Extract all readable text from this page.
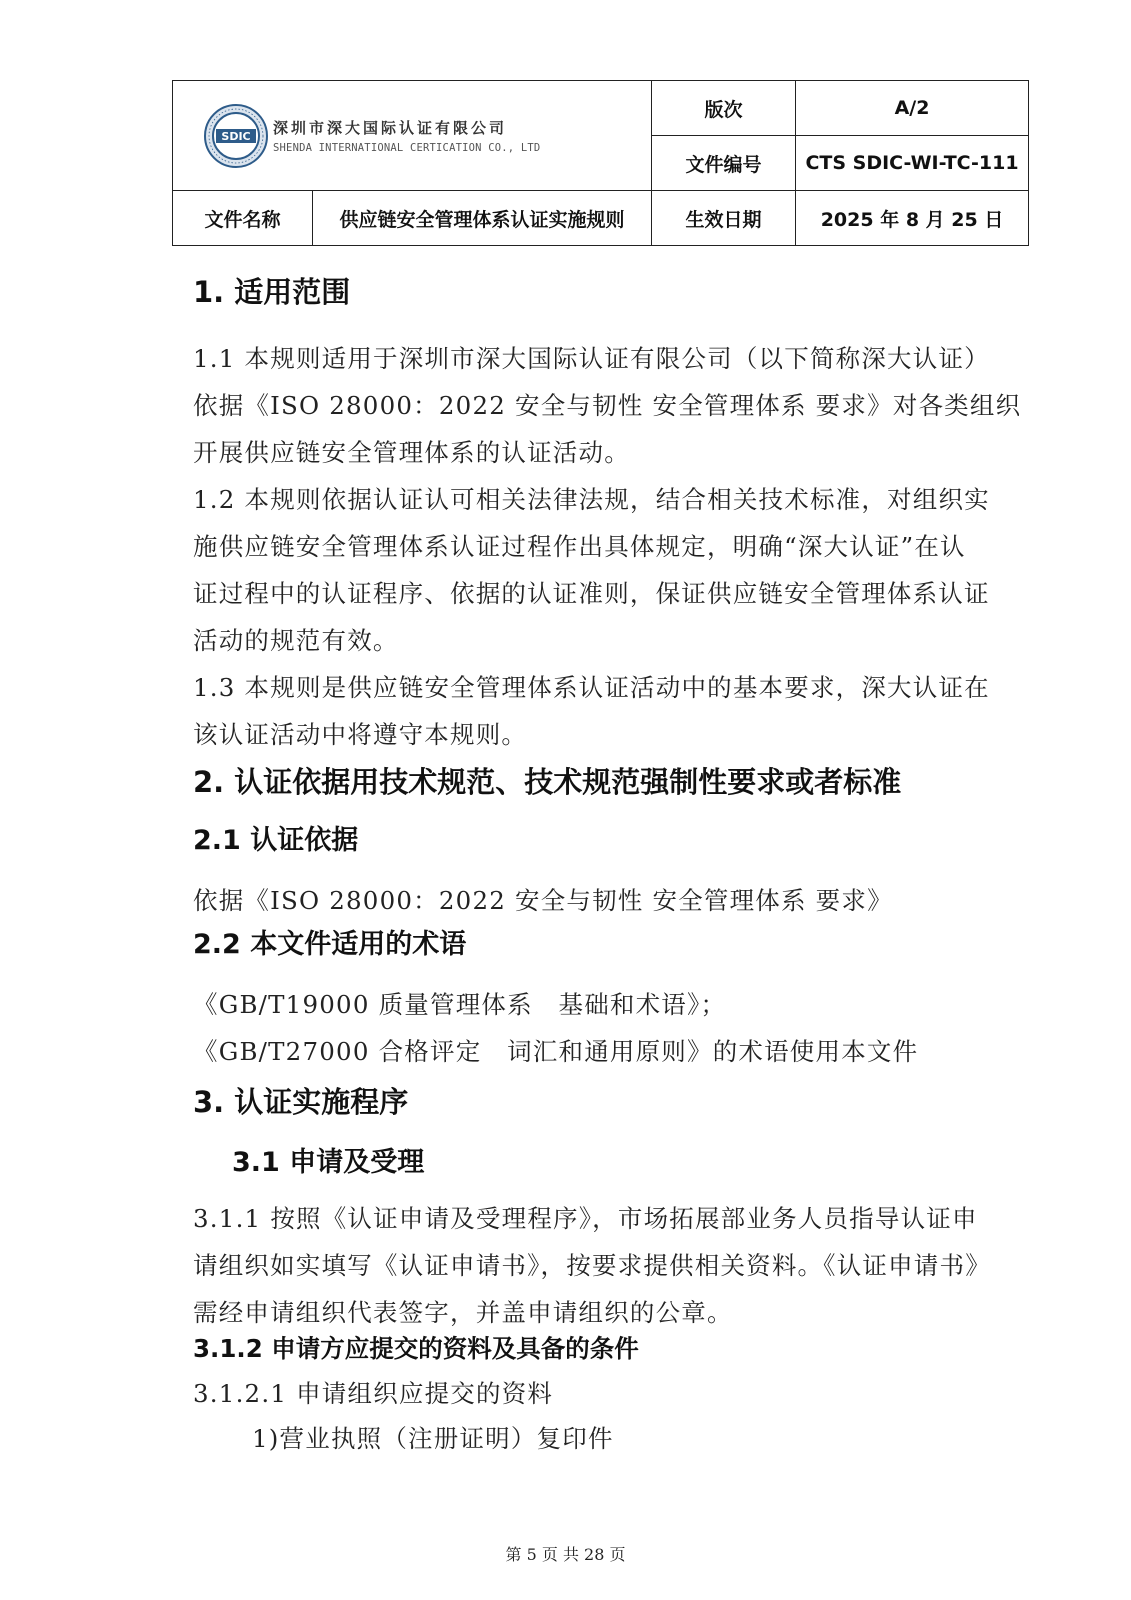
SDIC 深圳市深大国际认证有限公司
SHENDA INTERNATIONAL CERTICATION CO., LTD		版次	A/2
		文件编号	CTS SDIC-WI-TC-111
文件名称	供应链安全管理体系认证实施规则	生效日期	2025 年 8 月 25 日
1. 适用范围
1.1 本规则适用于深圳市深大国际认证有限公司（以下简称深大认证）
依据《ISO 28000：2022 安全与韧性 安全管理体系 要求》对各类组织
开展供应链安全管理体系的认证活动。
1.2 本规则依据认证认可相关法律法规，结合相关技术标准，对组织实
施供应链安全管理体系认证过程作出具体规定，明确“深大认证”在认
证过程中的认证程序、依据的认证准则，保证供应链安全管理体系认证
活动的规范有效。
1.3 本规则是供应链安全管理体系认证活动中的基本要求，深大认证在
该认证活动中将遵守本规则。
2. 认证依据用技术规范、技术规范强制性要求或者标准
2.1 认证依据
依据《ISO 28000：2022 安全与韧性 安全管理体系 要求》
2.2 本文件适用的术语
《GB/T19000 质量管理体系　基础和术语》；
《GB/T27000 合格评定　词汇和通用原则》的术语使用本文件
3. 认证实施程序
3.1 申请及受理
3.1.1 按照《认证申请及受理程序》，市场拓展部业务人员指导认证申
请组织如实填写《认证申请书》，按要求提供相关资料。《认证申请书》
需经申请组织代表签字，并盖申请组织的公章。
3.1.2 申请方应提交的资料及具备的条件
3.1.2.1 申请组织应提交的资料
1)营业执照（注册证明）复印件
第 5 页 共 28 页
